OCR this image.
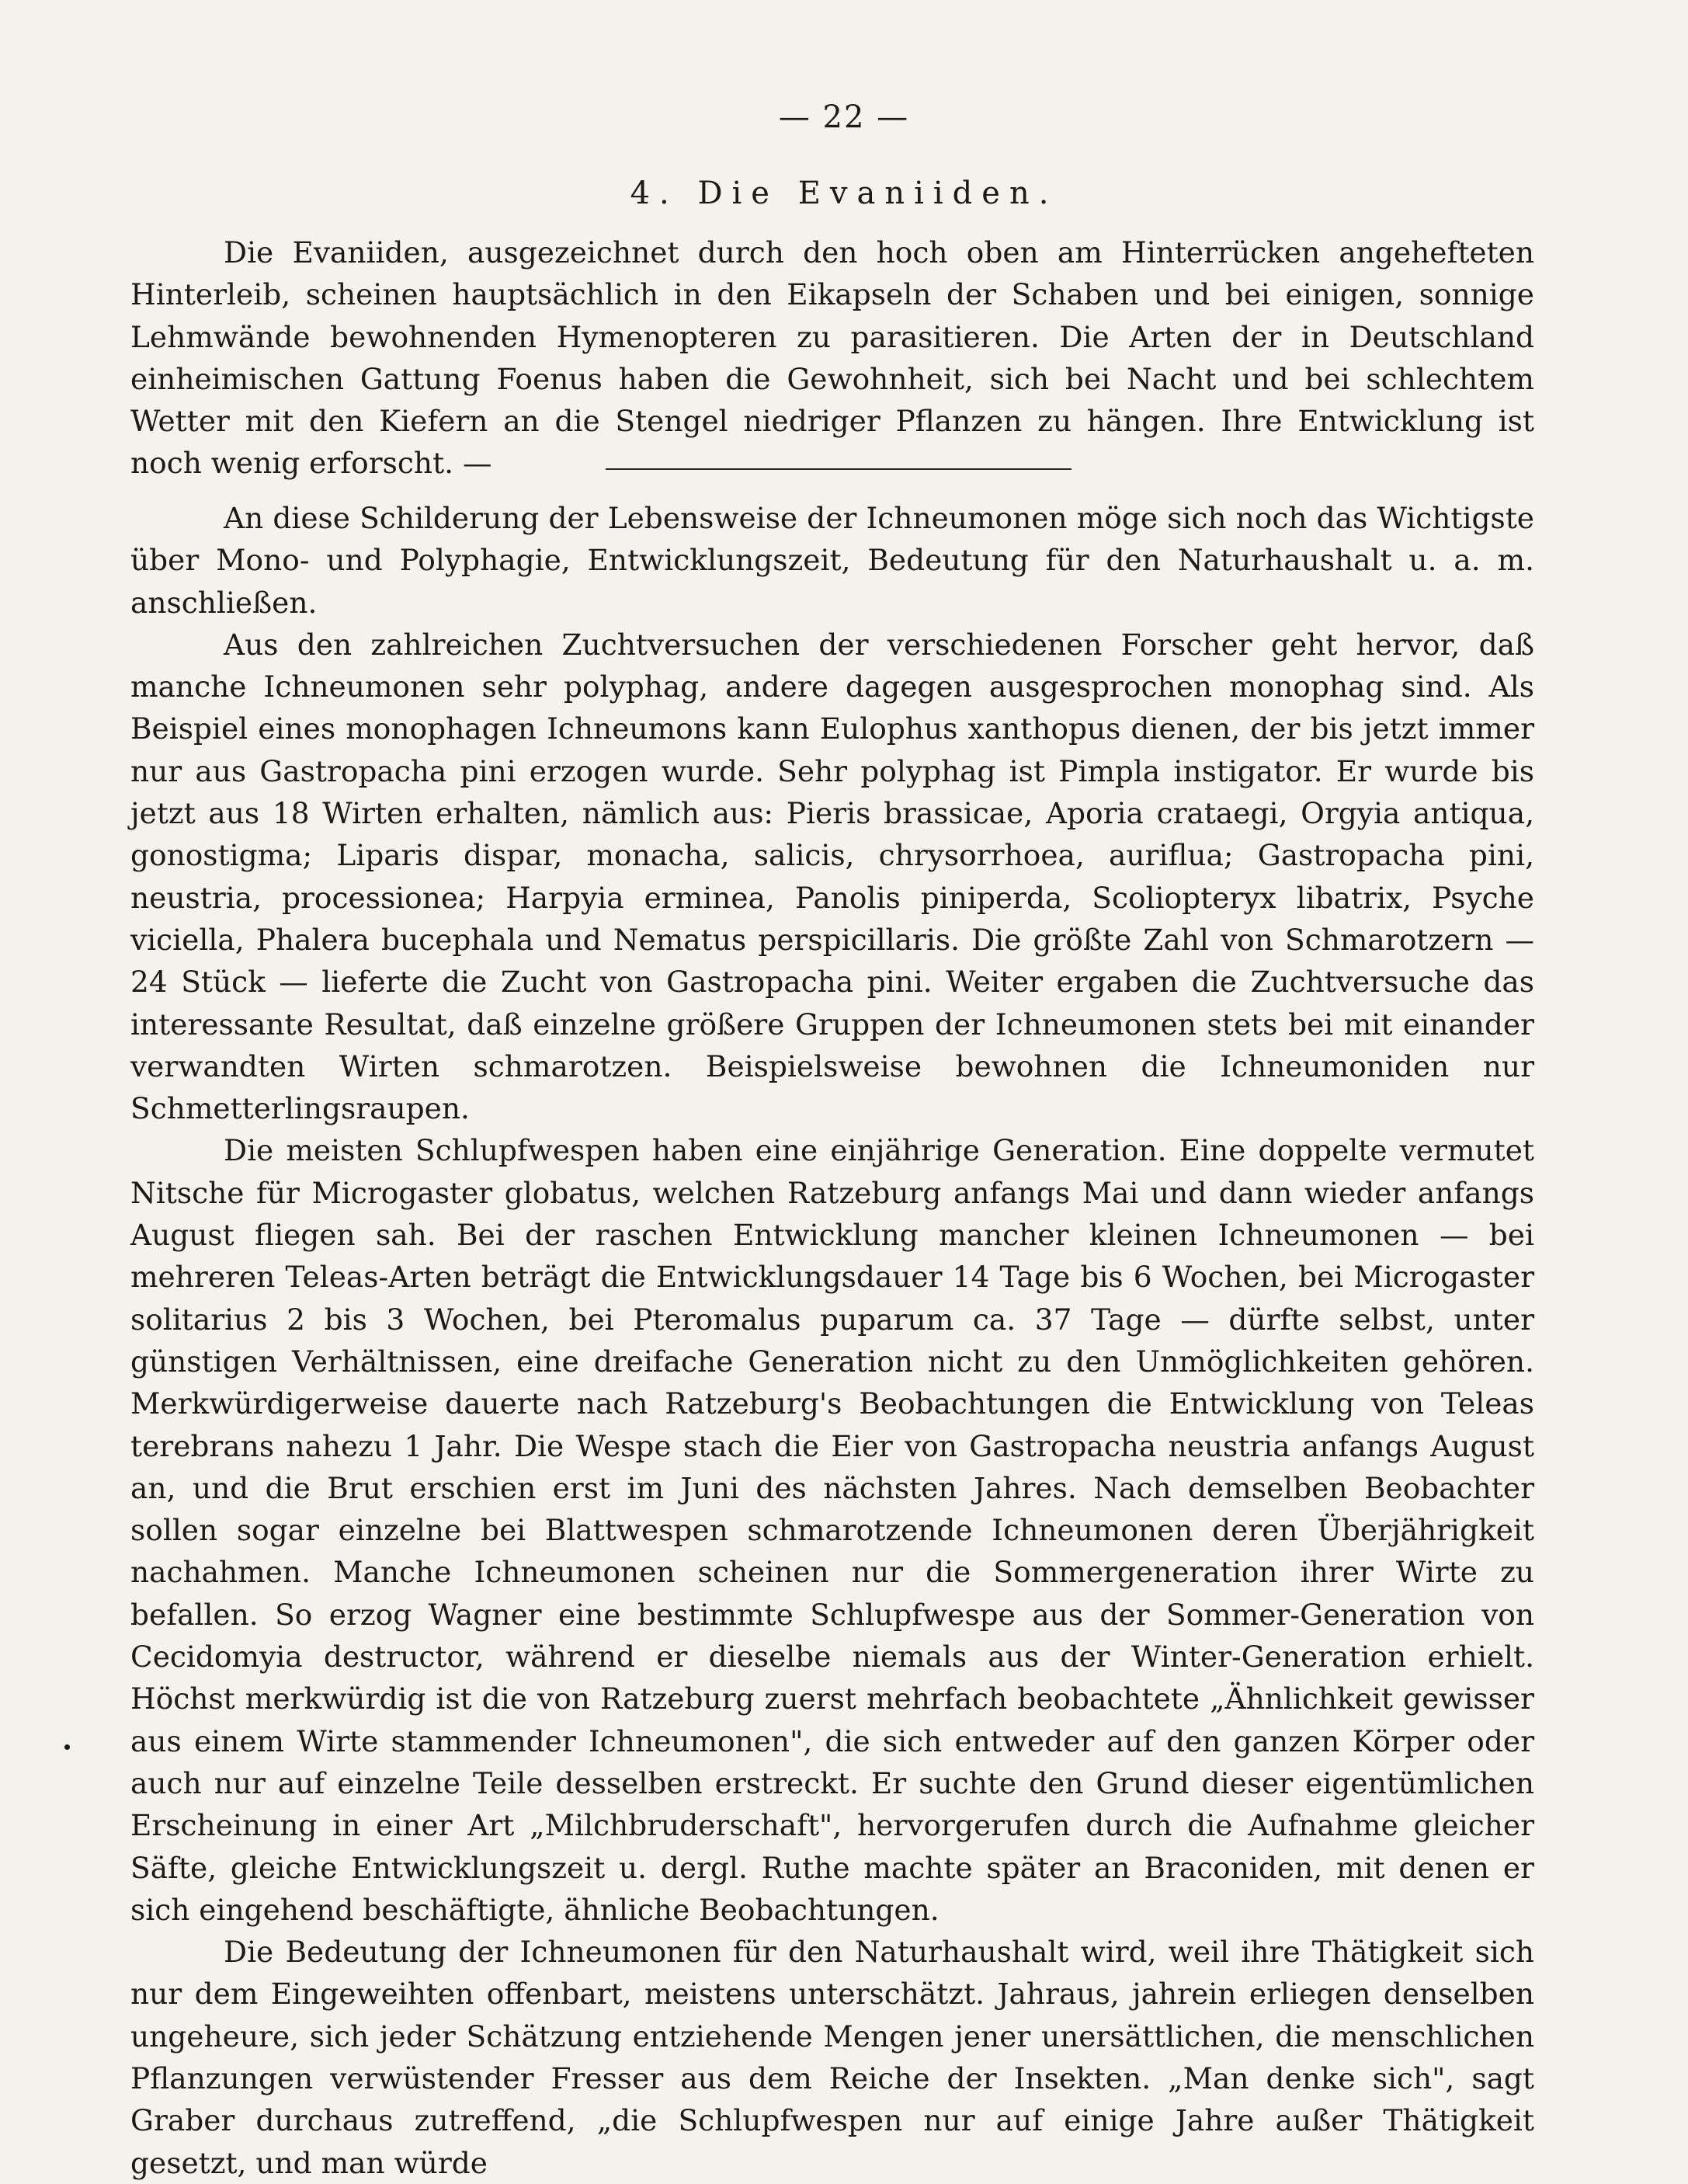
— 22 —
4. Die Evaniiden.

Die Evaniiden, ausgezeichnet durch den hoch oben am Hinterrücken angehefteten Hinterleib, scheinen hauptsächlich in den Eikapseln der Schaben und bei einigen, sonnige Lehmwände bewohnenden Hymenopteren zu parasitieren. Die Arten der in Deutschland einheimischen Gattung Foenus haben die Gewohnheit, sich bei Nacht und bei schlechtem Wetter mit den Kiefern an die Stengel niedriger Pflanzen zu hängen. Ihre Entwicklung ist noch wenig erforscht. —

An diese Schilderung der Lebensweise der Ichneumonen möge sich noch das Wichtigste über Mono- und Polyphagie, Entwicklungszeit, Bedeutung für den Naturhaushalt u. a. m. anschließen.

Aus den zahlreichen Zuchtversuchen der verschiedenen Forscher geht hervor, daß manche Ichneumonen sehr polyphag, andere dagegen ausgesprochen monophag sind. Als Beispiel eines monophagen Ichneumons kann Eulophus xanthopus dienen, der bis jetzt immer nur aus Gastropacha pini erzogen wurde. Sehr polyphag ist Pimpla instigator. Er wurde bis jetzt aus 18 Wirten erhalten, nämlich aus: Pieris brassicae, Aporia crataegi, Orgyia antiqua, gonostigma; Liparis dispar, monacha, salicis, chrysorrhoea, auriflua; Gastropacha pini, neustria, processionea; Harpyia erminea, Panolis piniperda, Scoliopteryx libatrix, Psyche viciella, Phalera bucephala und Nematus perspicillaris. Die größte Zahl von Schmarotzern — 24 Stück — lieferte die Zucht von Gastropacha pini. Weiter ergaben die Zuchtversuche das interessante Resultat, daß einzelne größere Gruppen der Ichneumonen stets bei mit einander verwandten Wirten schmarotzen. Beispielsweise bewohnen die Ichneumoniden nur Schmetterlingsraupen.

Die meisten Schlupfwespen haben eine einjährige Generation. Eine doppelte vermutet Nitsche für Microgaster globatus, welchen Ratzeburg anfangs Mai und dann wieder anfangs August fliegen sah. Bei der raschen Entwicklung mancher kleinen Ichneumonen — bei mehreren Teleas-Arten beträgt die Entwicklungsdauer 14 Tage bis 6 Wochen, bei Microgaster solitarius 2 bis 3 Wochen, bei Pteromalus puparum ca. 37 Tage — dürfte selbst, unter günstigen Verhältnissen, eine dreifache Generation nicht zu den Unmöglichkeiten gehören. Merkwürdigerweise dauerte nach Ratzeburg's Beobachtungen die Entwicklung von Teleas terebrans nahezu 1 Jahr. Die Wespe stach die Eier von Gastropacha neustria anfangs August an, und die Brut erschien erst im Juni des nächsten Jahres. Nach demselben Beobachter sollen sogar einzelne bei Blattwespen schmarotzende Ichneumonen deren Überjährigkeit nachahmen. Manche Ichneumonen scheinen nur die Sommergeneration ihrer Wirte zu befallen. So erzog Wagner eine bestimmte Schlupfwespe aus der Sommer-Generation von Cecidomyia destructor, während er dieselbe niemals aus der Winter-Generation erhielt. Höchst merkwürdig ist die von Ratzeburg zuerst mehrfach beobachtete „Ähnlichkeit gewisser aus einem Wirte stammender Ichneumonen", die sich entweder auf den ganzen Körper oder auch nur auf einzelne Teile desselben erstreckt. Er suchte den Grund dieser eigentümlichen Erscheinung in einer Art „Milchbruderschaft", hervorgerufen durch die Aufnahme gleicher Säfte, gleiche Entwicklungszeit u. dergl. Ruthe machte später an Braconiden, mit denen er sich eingehend beschäftigte, ähnliche Beobachtungen.

Die Bedeutung der Ichneumonen für den Naturhaushalt wird, weil ihre Thätigkeit sich nur dem Eingeweihten offenbart, meistens unterschätzt. Jahraus, jahrein erliegen denselben ungeheure, sich jeder Schätzung entziehende Mengen jener unersättlichen, die menschlichen Pflanzungen verwüstender Fresser aus dem Reiche der Insekten. „Man denke sich", sagt Graber durchaus zutreffend, „die Schlupfwespen nur auf einige Jahre außer Thätigkeit gesetzt, und man würde
